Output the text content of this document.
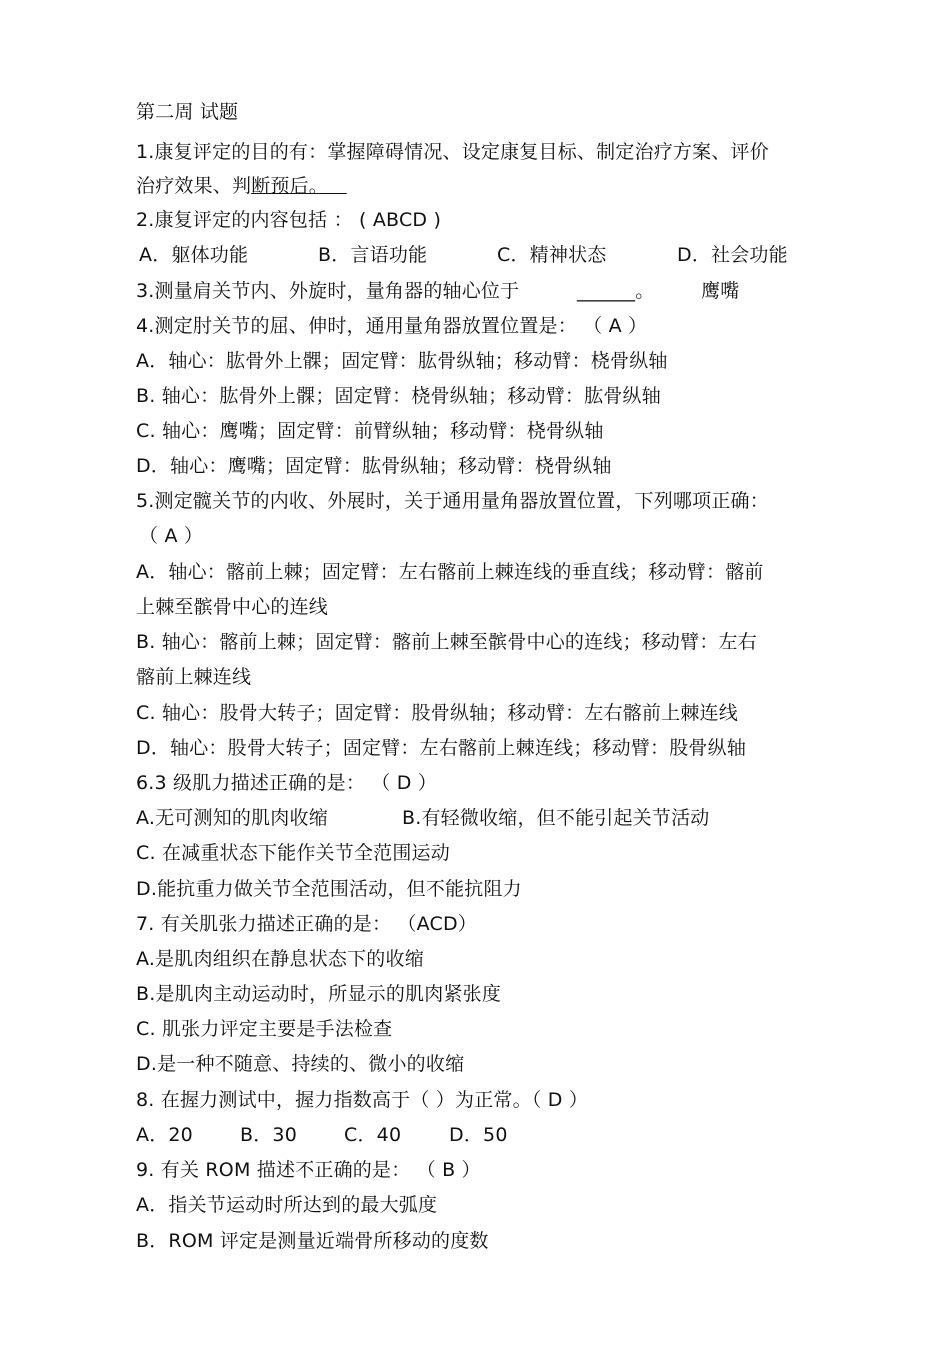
第二周 试题
1.康复评定的目的有：掌握障碍情况、设定康复目标、制定治疗方案、评价
治疗效果、判断预后。
2.康复评定的内容包括 ： ( ABCD )
A．躯体功能	B．言语功能	C．精神状态	D．社会功能
3.测量肩关节内、外旋时，量角器的轴心位于	______。 鹰嘴
4.测定肘关节的屈、伸时，通用量角器放置位置是： （ A ）
A．轴心：肱骨外上髁；固定臂：肱骨纵轴；移动臂：桡骨纵轴
B. 轴心：肱骨外上髁；固定臂：桡骨纵轴；移动臂：肱骨纵轴
C. 轴心：鹰嘴；固定臂：前臂纵轴；移动臂：桡骨纵轴
D．轴心：鹰嘴；固定臂：肱骨纵轴；移动臂：桡骨纵轴
5.测定髋关节的内收、外展时，关于通用量角器放置位置，下列哪项正确：
（ A ）
A．轴心：髂前上棘；固定臂：左右髂前上棘连线的垂直线；移动臂：髂前
上棘至髌骨中心的连线
B. 轴心：髂前上棘；固定臂：髂前上棘至髌骨中心的连线；移动臂：左右
髂前上棘连线
C. 轴心：股骨大转子；固定臂：股骨纵轴；移动臂：左右髂前上棘连线
D．轴心：股骨大转子；固定臂：左右髂前上棘连线；移动臂：股骨纵轴
6.3 级肌力描述正确的是： （ D ）
A.无可测知的肌肉收缩	B.有轻微收缩，但不能引起关节活动
C. 在减重状态下能作关节全范围运动
D.能抗重力做关节全范围活动，但不能抗阻力
7. 有关肌张力描述正确的是： （ACD）
A.是肌肉组织在静息状态下的收缩
B.是肌肉主动运动时，所显示的肌肉紧张度
C. 肌张力评定主要是手法检查
D.是一种不随意、持续的、微小的收缩
8. 在握力测试中，握力指数高于（ ）为正常。（ D ）
A．20 B．30 C．40	D．50
9. 有关 ROM 描述不正确的是： （ B ）
A．指关节运动时所达到的最大弧度
B．ROM 评定是测量近端骨所移动的度数
